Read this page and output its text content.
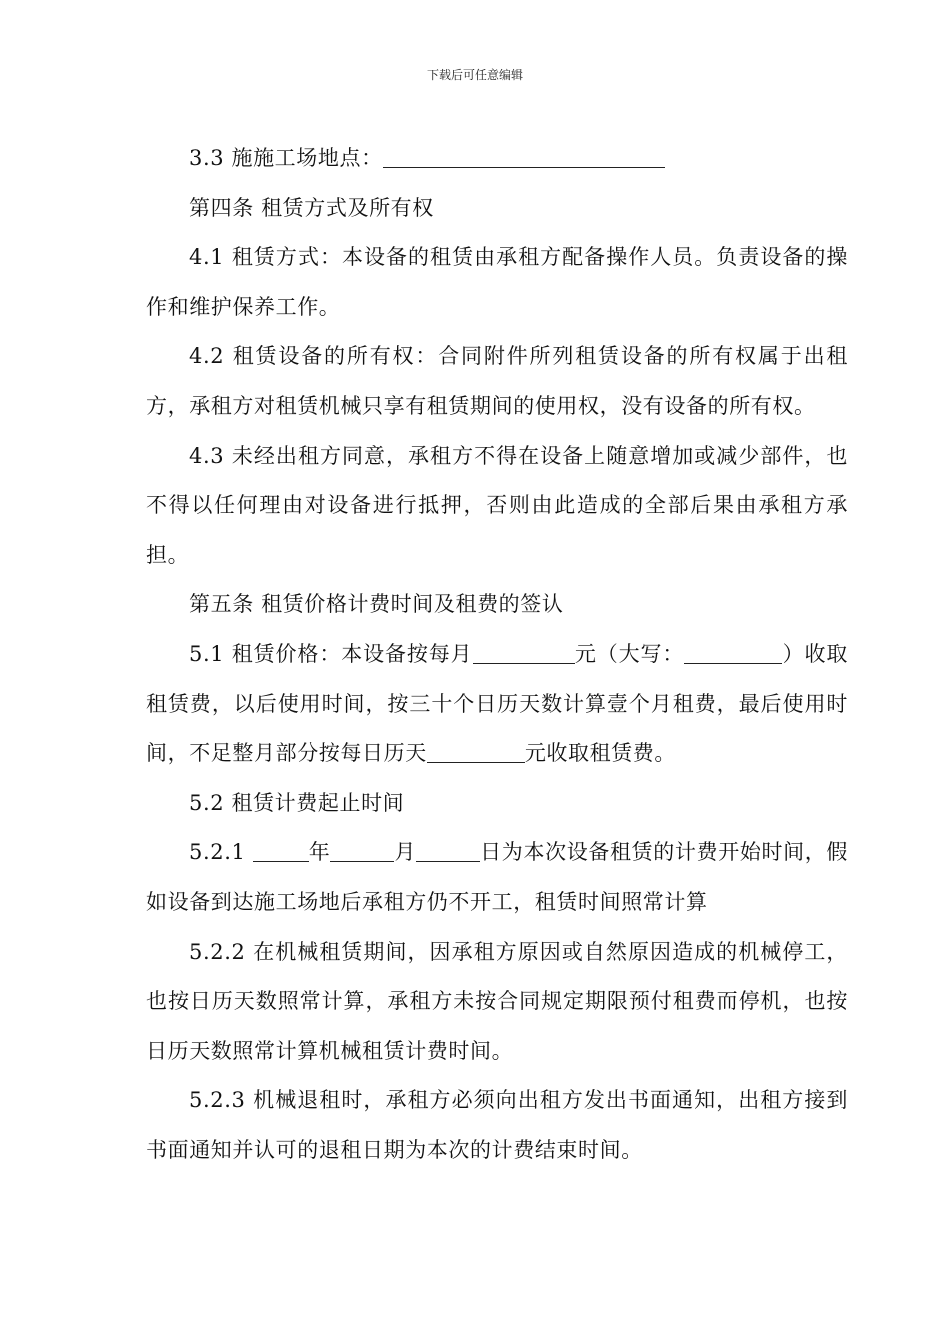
下载后可任意编辑

3.3 施施工场地点：

第四条 租赁方式及所有权

4.1 租赁方式：本设备的租赁由承租方配备操作人员。负责设备的操作和维护保养工作。

4.2 租赁设备的所有权：合同附件所列租赁设备的所有权属于出租方，承租方对租赁机械只享有租赁期间的使用权，没有设备的所有权。

4.3 未经出租方同意，承租方不得在设备上随意增加或减少部件，也不得以任何理由对设备进行抵押，否则由此造成的全部后果由承租方承担。

第五条 租赁价格计费时间及租费的签认

5.1 租赁价格：本设备按每月	元（大写：	）收取租赁费，以后使用时间，按三十个日历天数计算壹个月租费，最后使用时间，不足整月部分按每日历天	元收取租赁费。

5.2 租赁计费起止时间

5.2.1	年	月	日为本次设备租赁的计费开始时间，假如设备到达施工场地后承租方仍不开工，租赁时间照常计算

5.2.2 在机械租赁期间，因承租方原因或自然原因造成的机械停工，也按日历天数照常计算，承租方未按合同规定期限预付租费而停机，也按日历天数照常计算机械租赁计费时间。

5.2.3 机械退租时，承租方必须向出租方发出书面通知，出租方接到书面通知并认可的退租日期为本次的计费结束时间。
